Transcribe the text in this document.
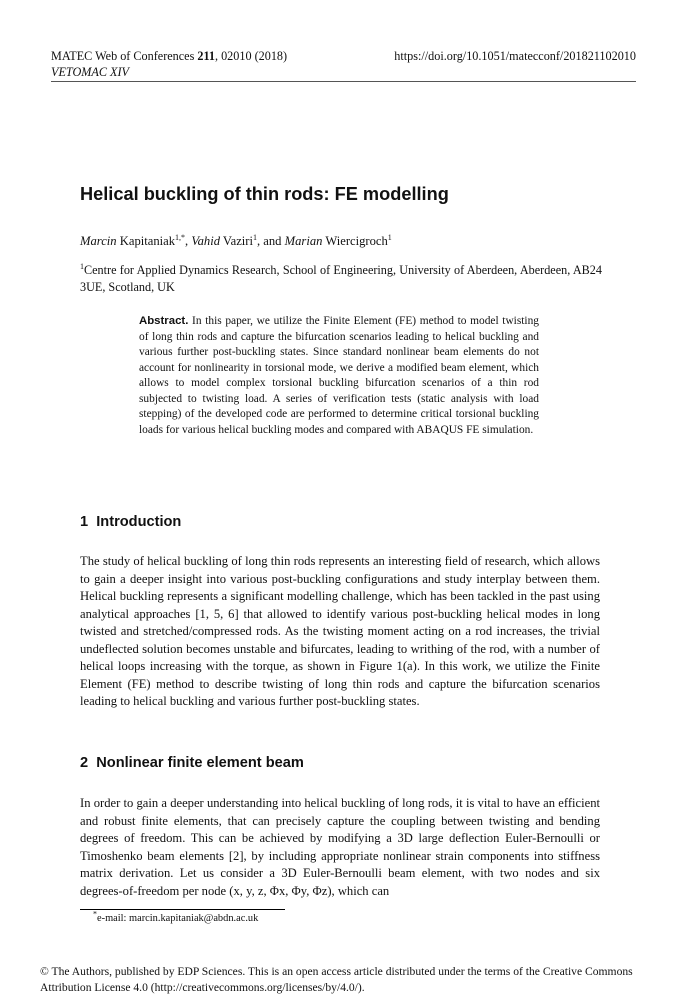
MATEC Web of Conferences 211, 02010 (2018)
VETOMAC XIV
https://doi.org/10.1051/matecconf/201821102010
Helical buckling of thin rods: FE modelling
Marcin Kapitaniak$^{1,*}$, Vahid Vaziri$^1$, and Marian Wiercigroch$^1$
$^1$Centre for Applied Dynamics Research, School of Engineering, University of Aberdeen, Aberdeen, AB24 3UE, Scotland, UK
Abstract. In this paper, we utilize the Finite Element (FE) method to model twisting of long thin rods and capture the bifurcation scenarios leading to helical buckling and various further post-buckling states. Since standard nonlinear beam elements do not account for nonlinearity in torsional mode, we derive a modified beam element, which allows to model complex torsional buckling bifurcation scenarios of a thin rod subjected to twisting load. A series of verification tests (static analysis with load stepping) of the developed code are performed to determine critical torsional buckling loads for various helical buckling modes and compared with ABAQUS FE simulation.
1 Introduction
The study of helical buckling of long thin rods represents an interesting field of research, which allows to gain a deeper insight into various post-buckling configurations and study interplay between them. Helical buckling represents a significant modelling challenge, which has been tackled in the past using analytical approaches [1, 5, 6] that allowed to identify various post-buckling helical modes in long twisted and stretched/compressed rods. As the twisting moment acting on a rod increases, the trivial undeflected solution becomes unstable and bifurcates, leading to writhing of the rod, with a number of helical loops increasing with the torque, as shown in Figure 1(a). In this work, we utilize the Finite Element (FE) method to describe twisting of long thin rods and capture the bifurcation scenarios leading to helical buckling and various further post-buckling states.
2 Nonlinear finite element beam
In order to gain a deeper understanding into helical buckling of long rods, it is vital to have an efficient and robust finite elements, that can precisely capture the coupling between twisting and bending degrees of freedom. This can be achieved by modifying a 3D large deflection Euler-Bernoulli or Timoshenko beam elements [2], by including appropriate nonlinear strain components into stiffness matrix derivation. Let us consider a 3D Euler-Bernoulli beam element, with two nodes and six degrees-of-freedom per node (x, y, z, Φx, Φy, Φz), which can
*e-mail: marcin.kapitaniak@abdn.ac.uk
© The Authors, published by EDP Sciences. This is an open access article distributed under the terms of the Creative Commons Attribution License 4.0 (http://creativecommons.org/licenses/by/4.0/).
